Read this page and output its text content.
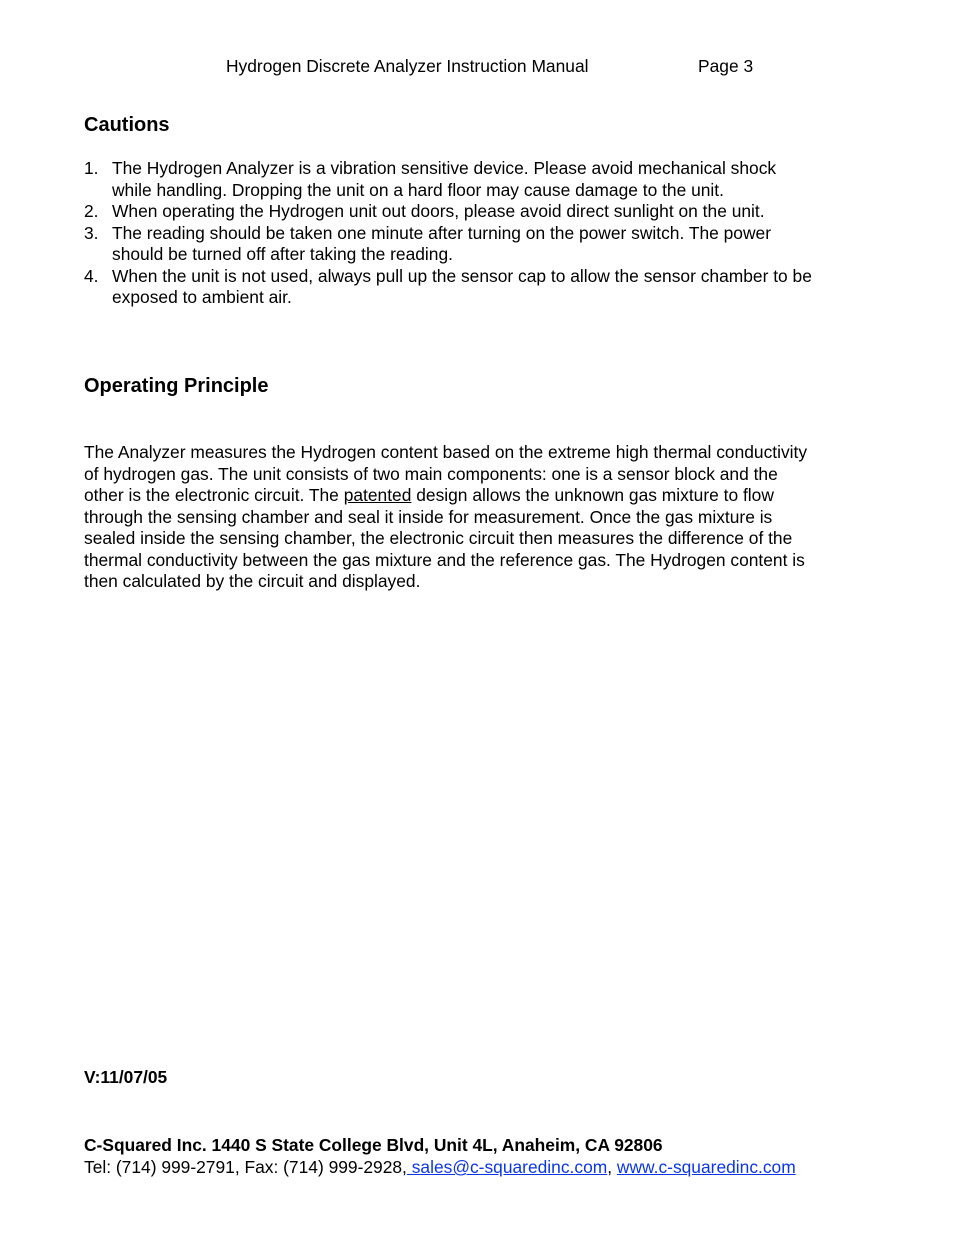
Hydrogen Discrete Analyzer Instruction Manual	Page 3
Cautions
1. The Hydrogen Analyzer is a vibration sensitive device. Please avoid mechanical shock
while handling. Dropping the unit on a hard floor may cause damage to the unit.
2. When operating the Hydrogen unit out doors, please avoid direct sunlight on the unit.
3. The reading should be taken one minute after turning on the power switch. The power
should be turned off after taking the reading.
4. When the unit is not used, always pull up the sensor cap to allow the sensor chamber to be
exposed to ambient air.
Operating Principle
The Analyzer measures the Hydrogen content based on the extreme high thermal conductivity
of hydrogen gas. The unit consists of two main components: one is a sensor block and the
other is the electronic circuit. The patented design allows the unknown gas mixture to flow
through the sensing chamber and seal it inside for measurement. Once the gas mixture is
sealed inside the sensing chamber, the electronic circuit then measures the difference of the
thermal conductivity between the gas mixture and the reference gas. The Hydrogen content is
then calculated by the circuit and displayed.
V:11/07/05
C-Squared Inc. 1440 S State College Blvd, Unit 4L, Anaheim, CA 92806
Tel: (714) 999-2791, Fax: (714) 999-2928, sales@c-squaredinc.com, www.c-squaredinc.com
